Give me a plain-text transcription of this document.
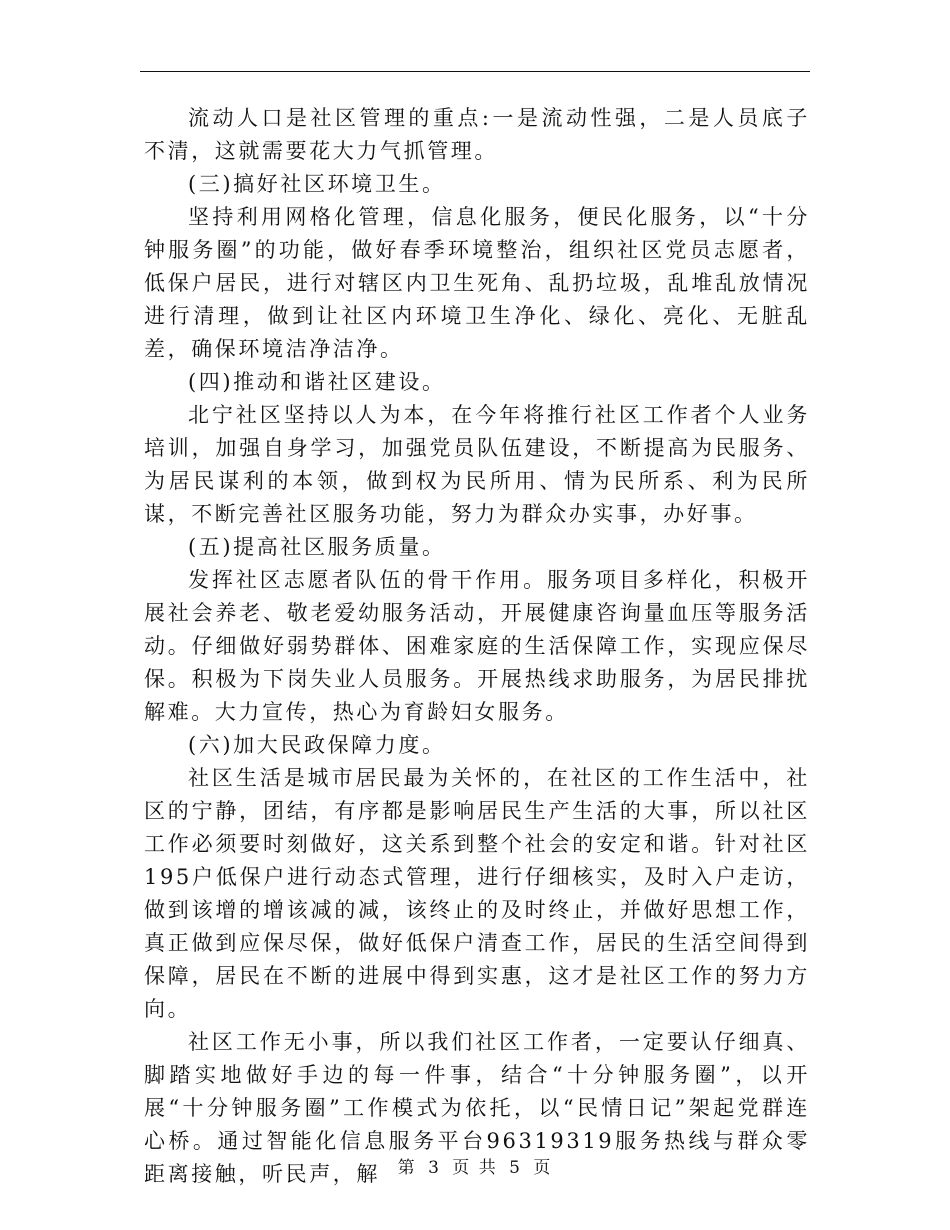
流动人口是社区管理的重点:一是流动性强，二是人员底子不清，这就需要花大力气抓管理。

(三)搞好社区环境卫生。

坚持利用网格化管理，信息化服务，便民化服务，以“十分钟服务圈”的功能，做好春季环境整治，组织社区党员志愿者，低保户居民，进行对辖区内卫生死角、乱扔垃圾，乱堆乱放情况进行清理，做到让社区内环境卫生净化、绿化、亮化、无脏乱差，确保环境洁净洁净。

(四)推动和谐社区建设。

北宁社区坚持以人为本，在今年将推行社区工作者个人业务培训，加强自身学习，加强党员队伍建设，不断提高为民服务、为居民谋利的本领，做到权为民所用、情为民所系、利为民所谋，不断完善社区服务功能，努力为群众办实事，办好事。

(五)提高社区服务质量。

发挥社区志愿者队伍的骨干作用。服务项目多样化，积极开展社会养老、敬老爱幼服务活动，开展健康咨询量血压等服务活动。仔细做好弱势群体、困难家庭的生活保障工作，实现应保尽保。积极为下岗失业人员服务。开展热线求助服务，为居民排扰解难。大力宣传，热心为育龄妇女服务。

(六)加大民政保障力度。

社区生活是城市居民最为关怀的，在社区的工作生活中，社区的宁静，团结，有序都是影响居民生产生活的大事，所以社区工作必须要时刻做好，这关系到整个社会的安定和谐。针对社区195户低保户进行动态式管理，进行仔细核实，及时入户走访，做到该增的增该减的减，该终止的及时终止，并做好思想工作，真正做到应保尽保，做好低保户清查工作，居民的生活空间得到保障，居民在不断的进展中得到实惠，这才是社区工作的努力方向。

社区工作无小事，所以我们社区工作者，一定要认仔细真、脚踏实地做好手边的每一件事，结合“十分钟服务圈”，以开展“十分钟服务圈”工作模式为依托，以“民情日记”架起党群连心桥。通过智能化信息服务平台96319319服务热线与群众零距离接触，听民声，解	第 3 页 共 5 页
